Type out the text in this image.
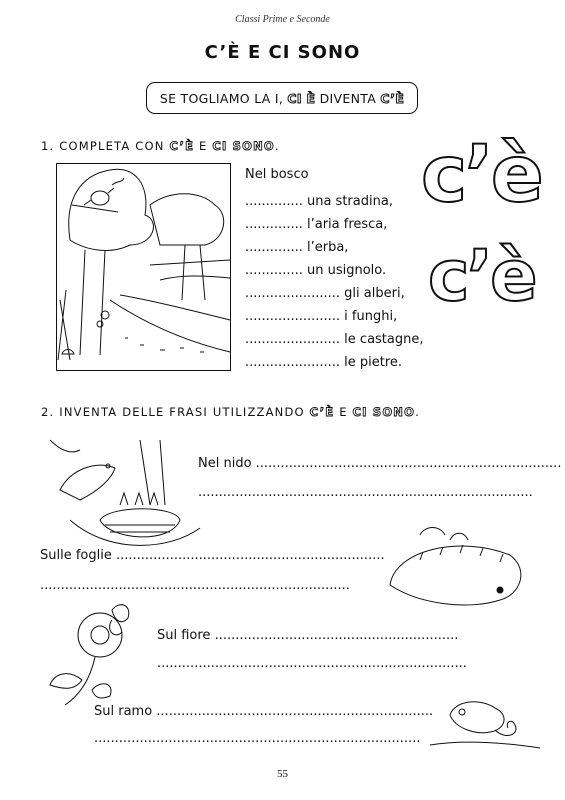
Classi Prime e Seconde
C’È E CI SONO
SE TOGLIAMO LA I,
CI È
DIVENTA
C’È
1. COMPLETA CON C’È E CI SONO.
Nel bosco
.............. una stradina,
.............. l’aria fresca,
.............. l’erba,
.............. un usignolo.
....................... gli alberi,
....................... i funghi,
....................... le castagne,
....................... le pietre.
c’è
c’è
2. INVENTA DELLE FRASI UTILIZZANDO C’È E CI SONO.
Nel nido ..........................................................................
.................................................................................
Sulle foglie .................................................................
...........................................................................
Sul fiore ...........................................................
...........................................................................
Sul ramo ...................................................................
...............................................................................
55
